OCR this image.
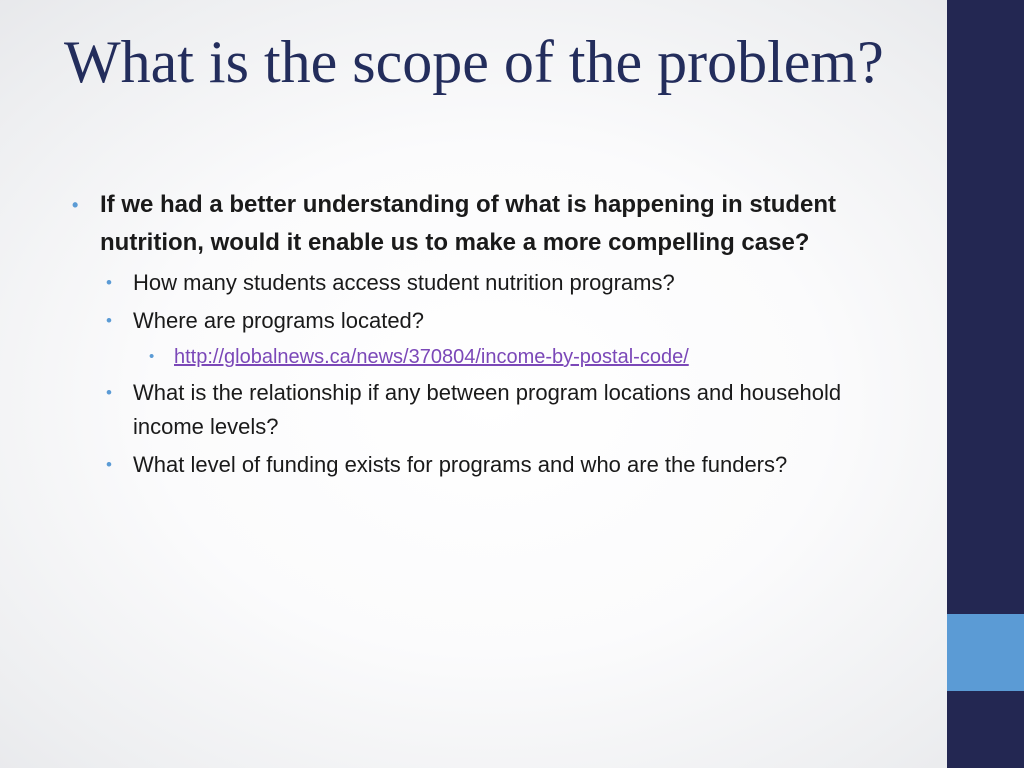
What is the scope of the problem?
• If we had a better understanding of what is happening in student nutrition, would it enable us to make a more compelling case?
• How many students access student nutrition programs?
• Where are programs located?
• http://globalnews.ca/news/370804/income-by-postal-code/
• What is the relationship if any between program locations and household income levels?
• What level of funding exists for programs and who are the funders?
